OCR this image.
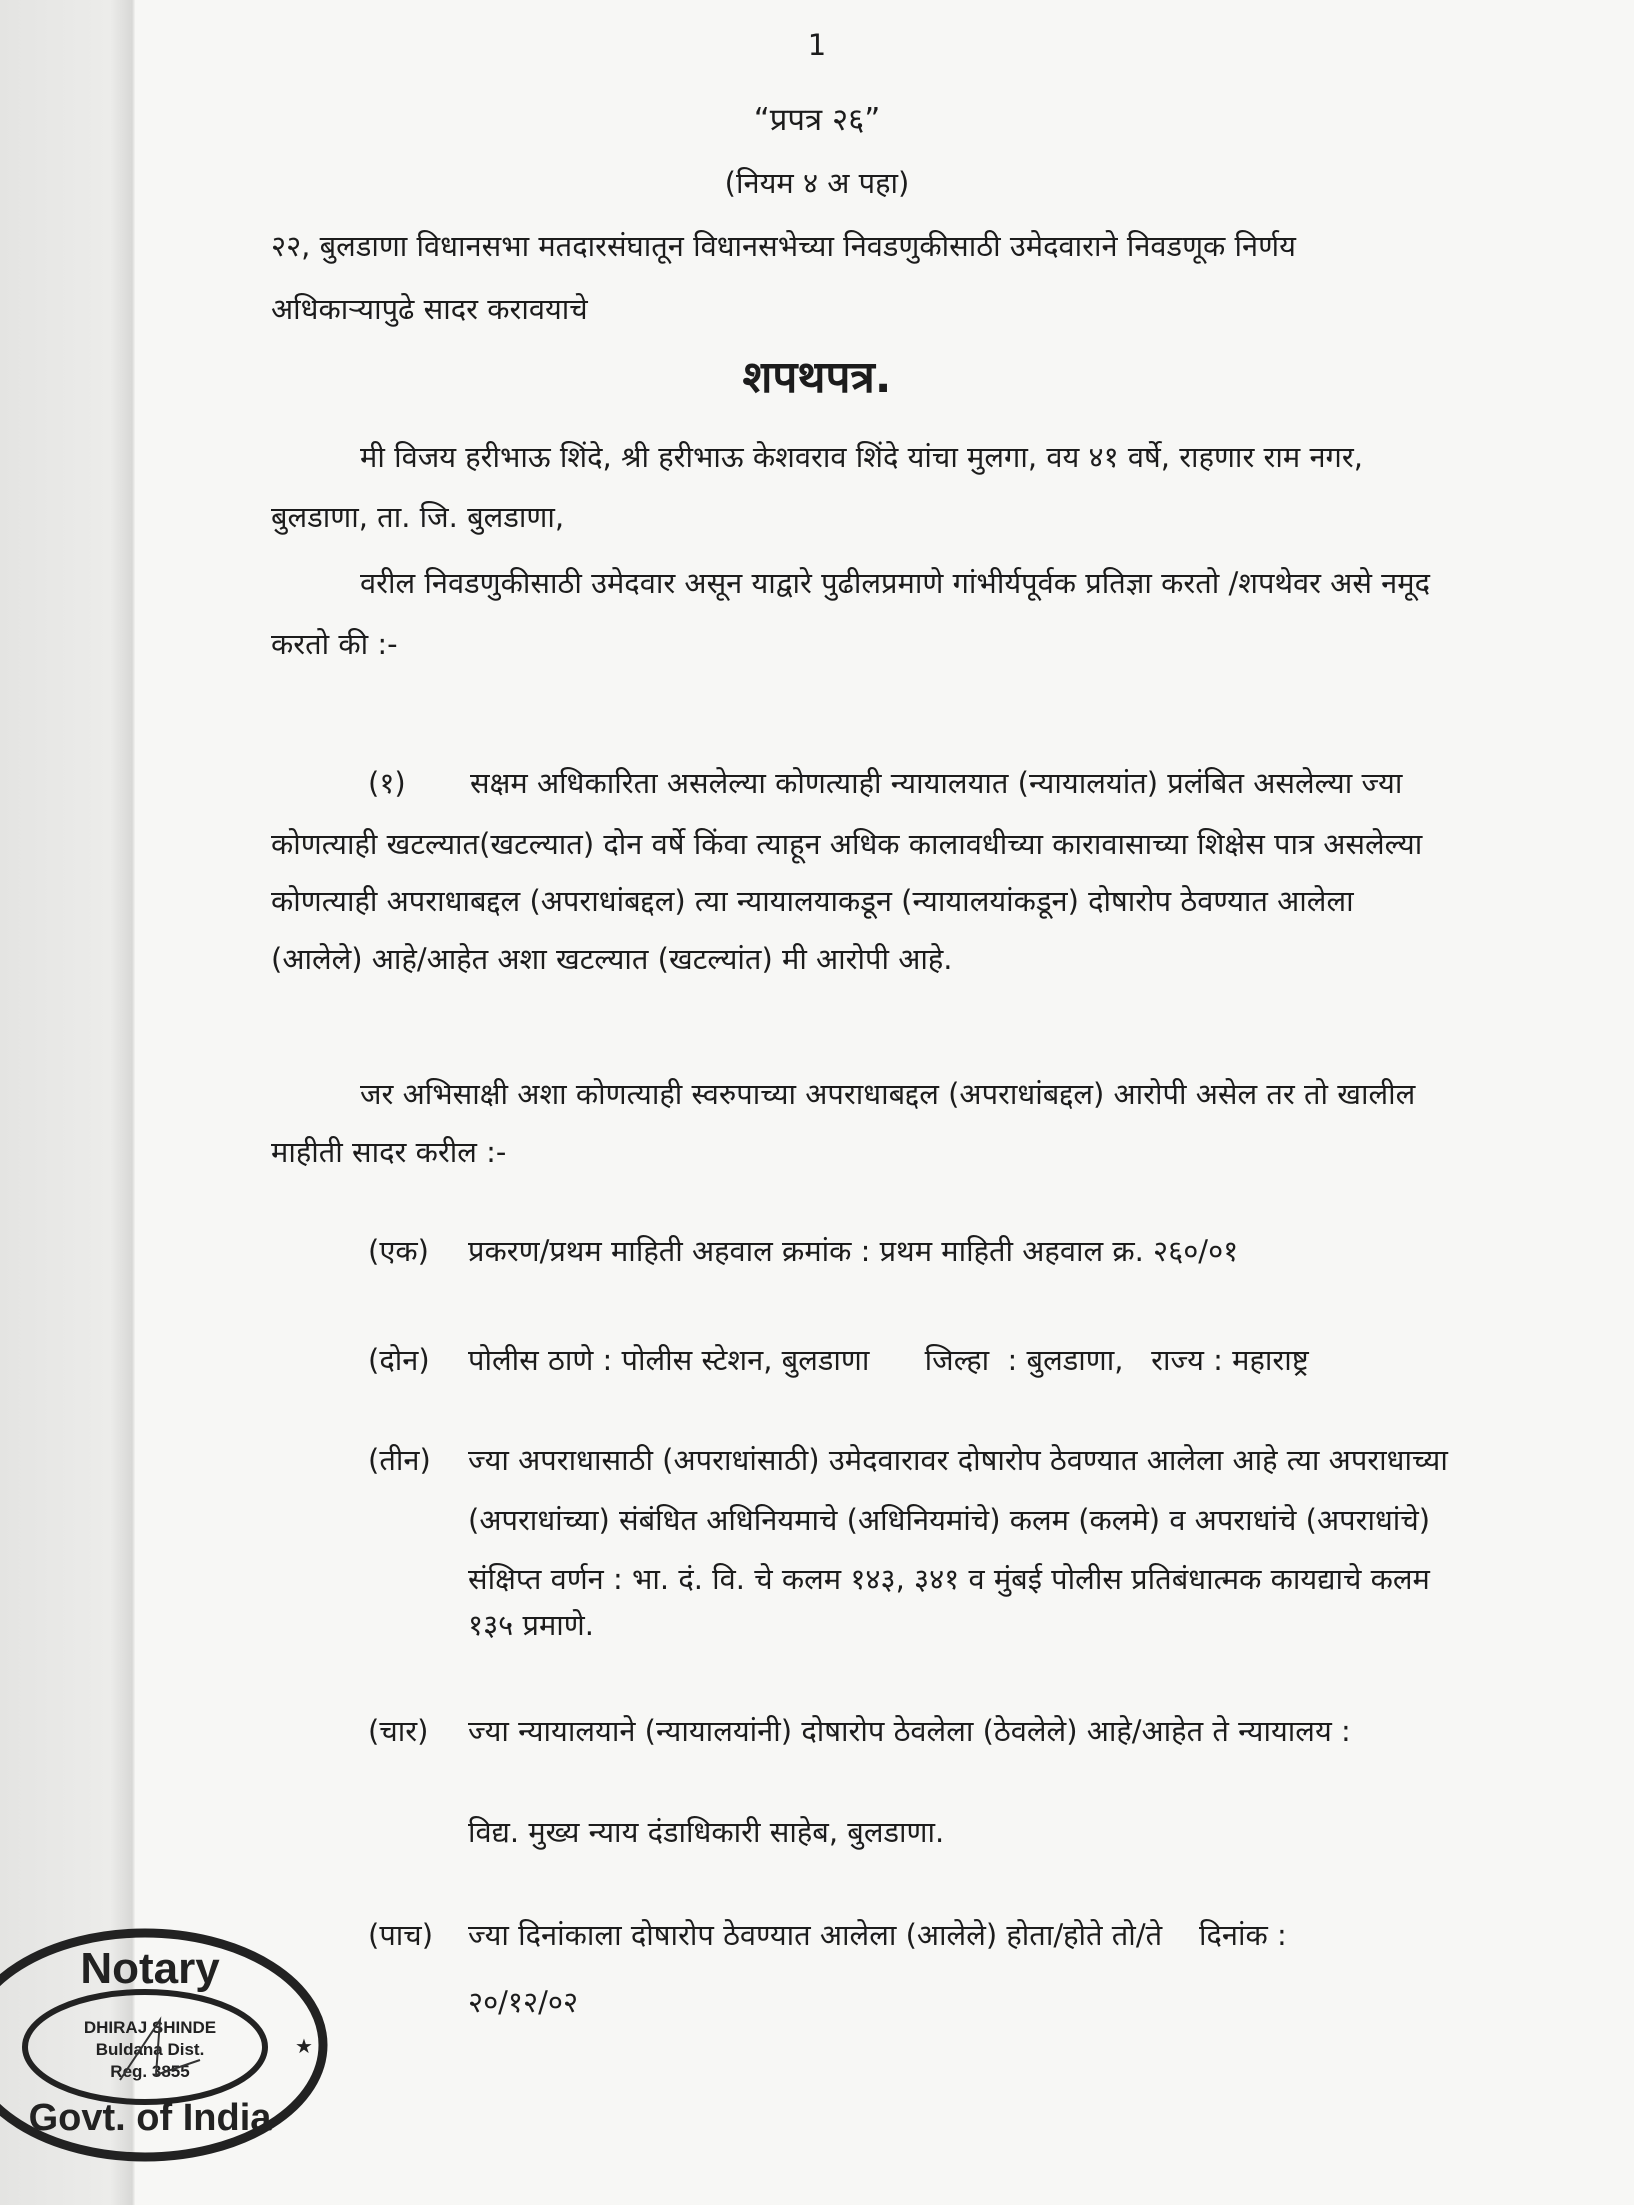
1
“प्रपत्र २६”
(नियम ४ अ पहा)
२२, बुलडाणा विधानसभा मतदारसंघातून विधानसभेच्या निवडणुकीसाठी उमेदवाराने निवडणूक निर्णय
अधिकाऱ्यापुढे सादर करावयाचे
शपथपत्र.
मी विजय हरीभाऊ शिंदे, श्री हरीभाऊ केशवराव शिंदे यांचा मुलगा, वय ४१ वर्षे, राहणार राम नगर,
बुलडाणा, ता. जि. बुलडाणा,
वरील निवडणुकीसाठी उमेदवार असून याद्वारे पुढीलप्रमाणे गांभीर्यपूर्वक प्रतिज्ञा करतो /शपथेवर असे नमूद
करतो की :-
(१) सक्षम अधिकारिता असलेल्या कोणत्याही न्यायालयात (न्यायालयांत) प्रलंबित असलेल्या ज्या
कोणत्याही खटल्यात(खटल्यात) दोन वर्षे किंवा त्याहून अधिक कालावधीच्या कारावासाच्या शिक्षेस पात्र असलेल्या
कोणत्याही अपराधाबद्दल (अपराधांबद्दल) त्या न्यायालयाकडून (न्यायालयांकडून) दोषारोप ठेवण्यात आलेला
(आलेले) आहे/आहेत अशा खटल्यात (खटल्यांत) मी आरोपी आहे.
जर अभिसाक्षी अशा कोणत्याही स्वरुपाच्या अपराधाबद्दल (अपराधांबद्दल) आरोपी असेल तर तो खालील
माहीती सादर करील :-
(एक) प्रकरण/प्रथम माहिती अहवाल क्रमांक : प्रथम माहिती अहवाल क्र. २६०/०१
(दोन) पोलीस ठाणे : पोलीस स्टेशन, बुलडाणा      जिल्हा  : बुलडाणा,   राज्य : महाराष्ट्र
(तीन) ज्या अपराधासाठी (अपराधांसाठी) उमेदवारावर दोषारोप ठेवण्यात आलेला आहे त्या अपराधाच्या
(अपराधांच्या) संबंधित अधिनियमाचे (अधिनियमांचे) कलम (कलमे) व अपराधांचे (अपराधांचे)
संक्षिप्त वर्णन : भा. दं. वि. चे कलम १४३, ३४१ व मुंबई पोलीस प्रतिबंधात्मक कायद्याचे कलम
१३५ प्रमाणे.
(चार) ज्या न्यायालयाने (न्यायालयांनी) दोषारोप ठेवलेला (ठेवलेले) आहे/आहेत ते न्यायालय :
विद्य. मुख्य न्याय दंडाधिकारी साहेब, बुलडाणा.
(पाच) ज्या दिनांकाला दोषारोप ठेवण्यात आलेला (आलेले) होता/होते तो/ते    दिनांक :
२०/१२/०२
Notary
Govt. of India
DHIRAJ SHINDE
Buldana Dist.
Reg. 3855
★
